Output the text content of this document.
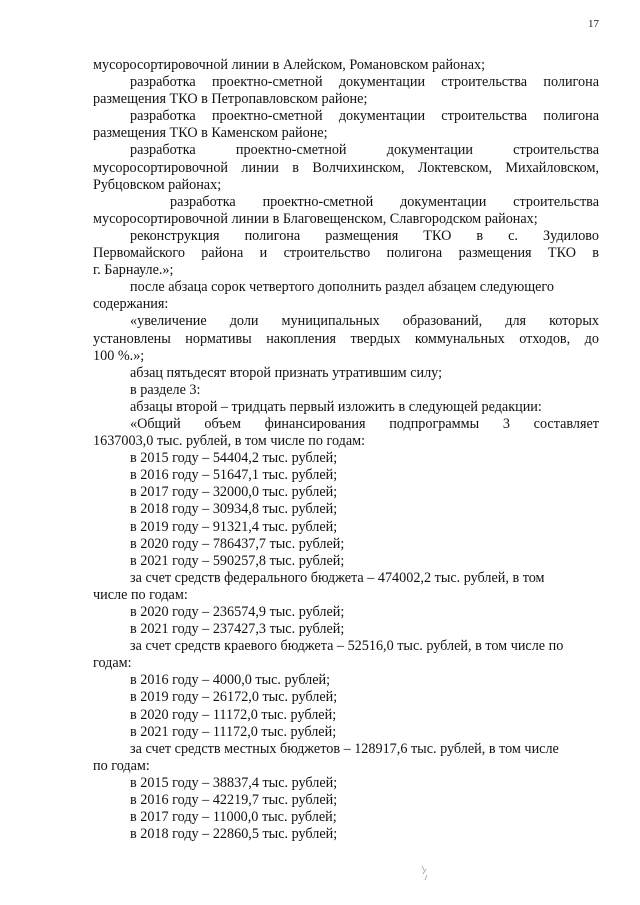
17
мусоросортировочной линии в Алейском, Романовском районах;
разработка проектно-сметной документации строительства полигона
размещения ТКО в Петропавловском районе;
разработка проектно-сметной документации строительства полигона
размещения ТКО в Каменском районе;
разработка проектно-сметной документации строительства
мусоросортировочной линии в Волчихинском, Локтевском, Михайловском,
Рубцовском районах;
разработка проектно-сметной документации строительства
мусоросортировочной линии в Благовещенском, Славгородском районах;
реконструкция полигона размещения ТКО в с. Зудилово
Первомайского района и строительство полигона размещения ТКО в
г. Барнауле.»;
после абзаца сорок четвертого дополнить раздел абзацем следующего
содержания:
«увеличение доли муниципальных образований, для которых
установлены нормативы накопления твердых коммунальных отходов, до
100 %.»;
абзац пятьдесят второй признать утратившим силу;
в разделе 3:
абзацы второй – тридцать первый изложить в следующей редакции:
«Общий объем финансирования подпрограммы 3 составляет
1637003,0 тыс. рублей, в том числе по годам:
в 2015 году – 54404,2 тыс. рублей;
в 2016 году – 51647,1 тыс. рублей;
в 2017 году – 32000,0 тыс. рублей;
в 2018 году – 30934,8 тыс. рублей;
в 2019 году – 91321,4 тыс. рублей;
в 2020 году – 786437,7 тыс. рублей;
в 2021 году – 590257,8 тыс. рублей;
за счет средств федерального бюджета – 474002,2 тыс. рублей, в том
числе по годам:
в 2020 году – 236574,9 тыс. рублей;
в 2021 году – 237427,3 тыс. рублей;
за счет средств краевого бюджета – 52516,0 тыс. рублей, в том числе по
годам:
в 2016 году – 4000,0 тыс. рублей;
в 2019 году – 26172,0 тыс. рублей;
в 2020 году – 11172,0 тыс. рублей;
в 2021 году – 11172,0 тыс. рублей;
за счет средств местных бюджетов – 128917,6 тыс. рублей, в том числе
по годам:
в 2015 году – 38837,4 тыс. рублей;
в 2016 году – 42219,7 тыс. рублей;
в 2017 году – 11000,0 тыс. рублей;
в 2018 году – 22860,5 тыс. рублей;
